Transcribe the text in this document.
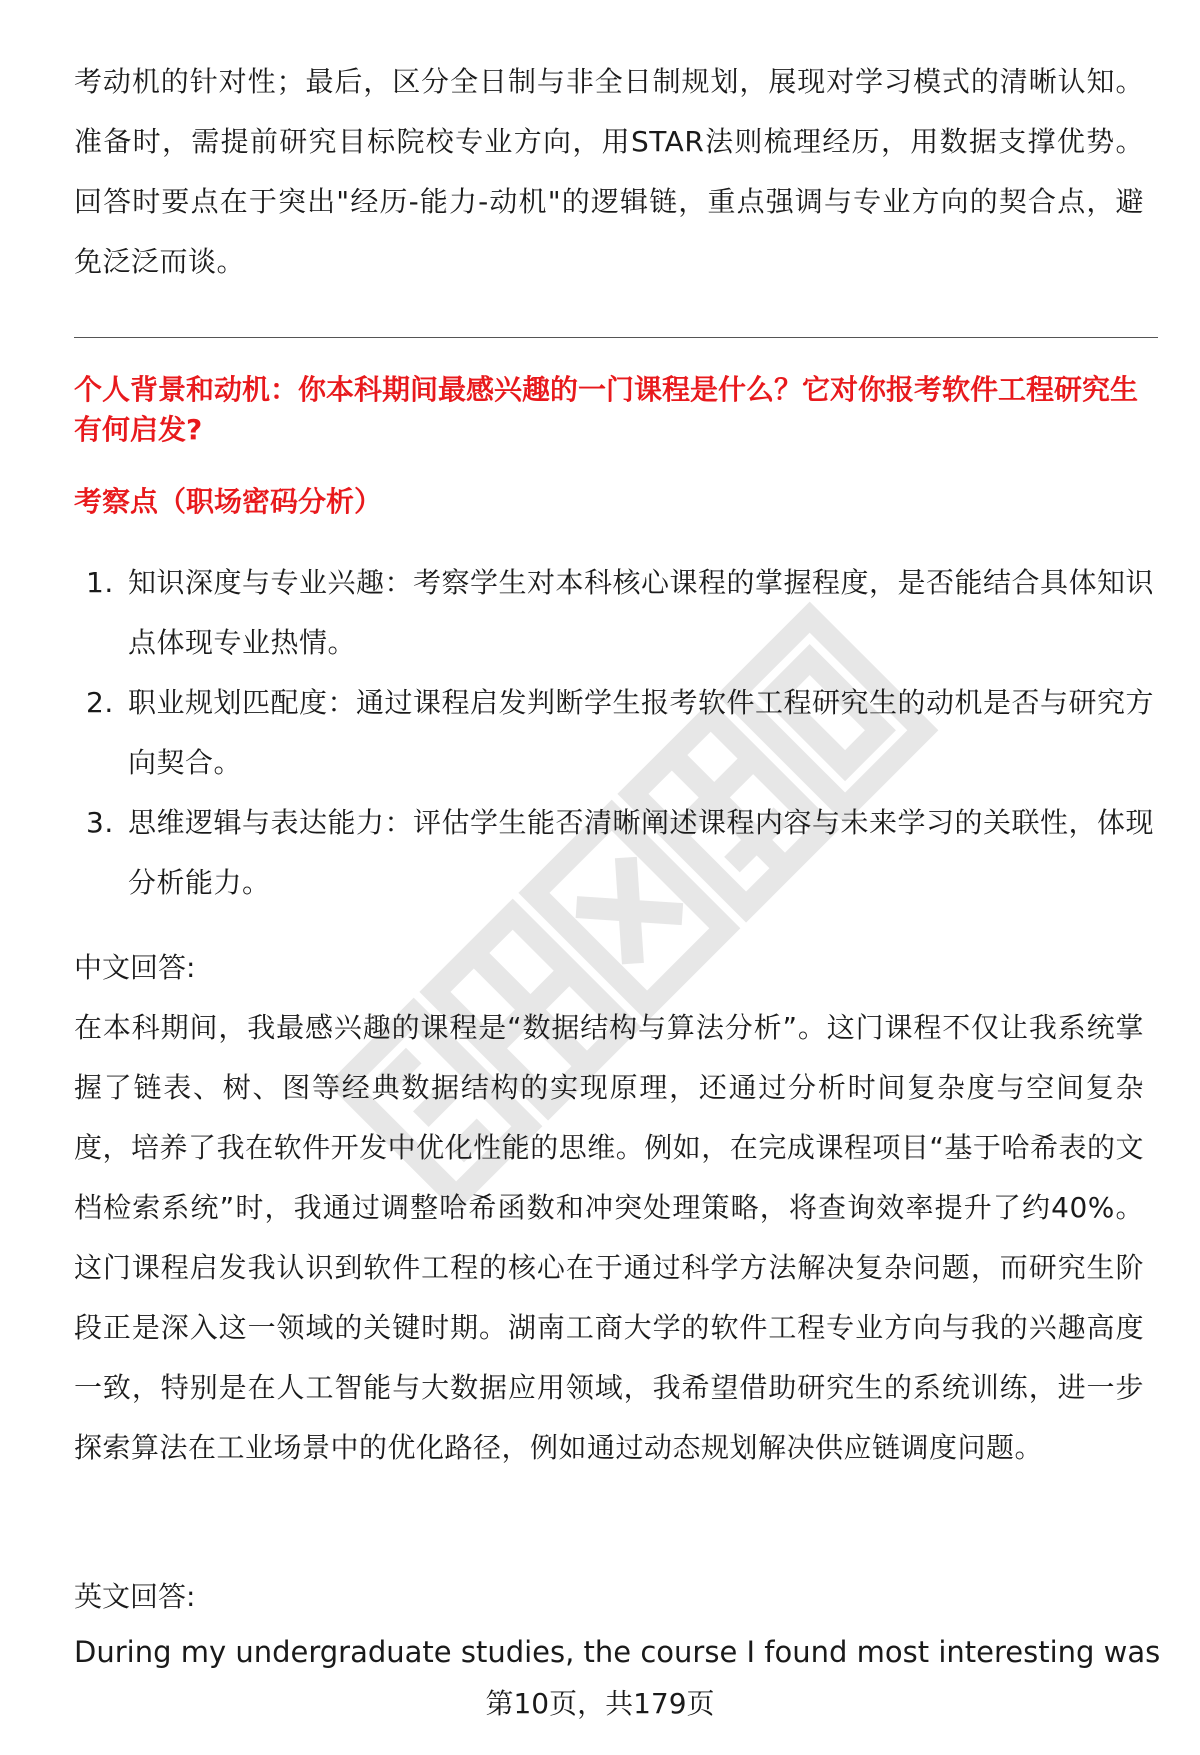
考动机的针对性；最后，区分全日制与非全日制规划，展现对学习模式的清晰认知。准备时，需提前研究目标院校专业方向，用STAR法则梳理经历，用数据支撑优势。回答时要点在于突出"经历-能力-动机"的逻辑链，重点强调与专业方向的契合点，避免泛泛而谈。

个人背景和动机：你本科期间最感兴趣的一门课程是什么？它对你报考软件工程研究生有何启发?

考察点（职场密码分析）

1. 知识深度与专业兴趣：考察学生对本科核心课程的掌握程度，是否能结合具体知识点体现专业热情。
2. 职业规划匹配度：通过课程启发判断学生报考软件工程研究生的动机是否与研究方向契合。
3. 思维逻辑与表达能力：评估学生能否清晰阐述课程内容与未来学习的关联性，体现分析能力。

中文回答:

在本科期间，我最感兴趣的课程是“数据结构与算法分析”。这门课程不仅让我系统掌握了链表、树、图等经典数据结构的实现原理，还通过分析时间复杂度与空间复杂度，培养了我在软件开发中优化性能的思维。例如，在完成课程项目“基于哈希表的文档检索系统”时，我通过调整哈希函数和冲突处理策略，将查询效率提升了约40%。这门课程启发我认识到软件工程的核心在于通过科学方法解决复杂问题，而研究生阶段正是深入这一领域的关键时期。湖南工商大学的软件工程专业方向与我的兴趣高度一致，特别是在人工智能与大数据应用领域，我希望借助研究生的系统训练，进一步探索算法在工业场景中的优化路径，例如通过动态规划解决供应链调度问题。

英文回答:

During my undergraduate studies, the course I found most interesting was

第10页，共179页
